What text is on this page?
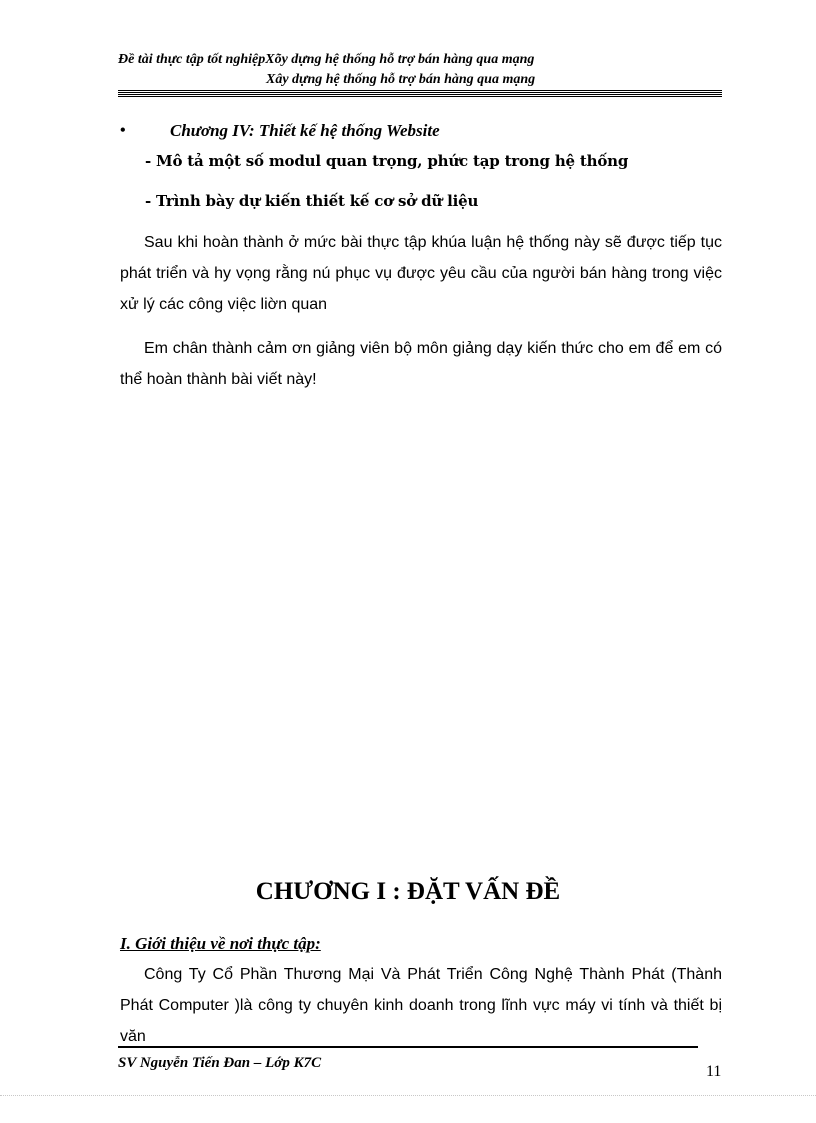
Đề tài thực tập tốt nghiệpXõy dựng hệ thống hỗ trợ bán hàng qua mạng
Xây dựng hệ thống hỗ trợ bán hàng qua mạng
•	Chương IV: Thiết kế hệ thống Website
- Mô tả một số modul quan trọng, phức tạp trong hệ thống
- Trình bày dự kiến thiết kế cơ sở dữ liệu
Sau khi hoàn thành ở mức bài thực tập khúa luận hệ thống này sẽ được tiếp tục phát triển và hy vọng rằng nú phục vụ được yêu cầu của người bán hàng trong việc xử lý các công việc liờn quan
Em chân thành cảm ơn giảng viên bộ môn giảng dạy kiến thức cho em để em có thể hoàn thành bài viết này!
CHƯƠNG I : ĐẶT VẤN ĐỀ
I. Giới thiệu về nơi thực tập:
Công Ty Cổ Phần Thương Mại Và Phát Triển Công Nghệ Thành Phát (Thành Phát Computer )là công ty chuyên kinh doanh trong lĩnh vực máy vi tính và thiết bị văn
SV Nguyễn Tiến Đan – Lớp K7C	11
